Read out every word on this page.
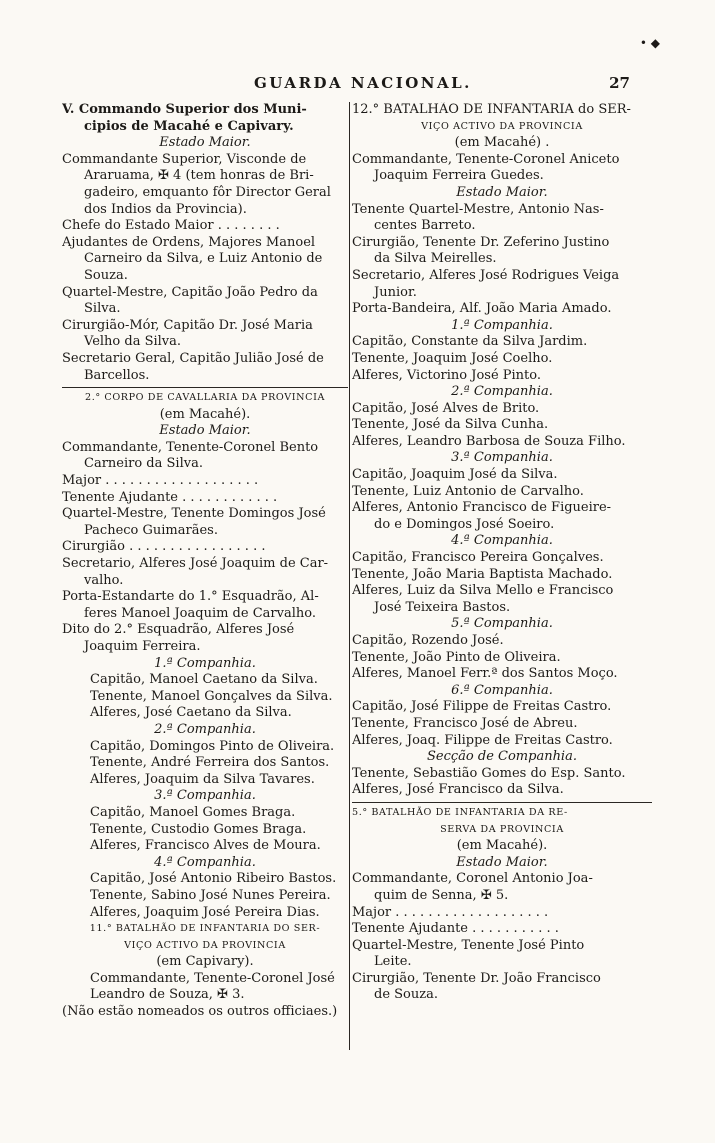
GUARDA NACIONAL.	27
• ◆
V. Commando Superior dos Muni-
cipios de Macahé e Capivary.
Estado Maior.
Commandante Superior, Visconde de
Araruama, ✠ 4 (tem honras de Bri-
gadeiro, emquanto fôr Director Geral
dos Indios da Provincia).
Chefe do Estado Maior . . . . . . . .
Ajudantes de Ordens, Majores Manoel
Carneiro da Silva, e Luiz Antonio de
Souza.
Quartel-Mestre, Capitão João Pedro da
Silva.
Cirurgião-Mór, Capitão Dr. José Maria
Velho da Silva.
Secretario Geral, Capitão Julião José de
Barcellos.
2.° CORPO DE CAVALLARIA DA PROVINCIA
(em Macahé).
Estado Maior.
Commandante, Tenente-Coronel Bento
Carneiro da Silva.
Major . . . . . . . . . . . . . . . . . . .
Tenente Ajudante . . . . . . . . . . . .
Quartel-Mestre, Tenente Domingos José
Pacheco Guimarães.
Cirurgião . . . . . . . . . . . . . . . . .
Secretario, Alferes José Joaquim de Car-
valho.
Porta-Estandarte do 1.° Esquadrão, Al-
feres Manoel Joaquim de Carvalho.
Dito do 2.° Esquadrão, Alferes José
Joaquim Ferreira.
1.ª Companhia.
Capitão, Manoel Caetano da Silva.
Tenente, Manoel Gonçalves da Silva.
Alferes, José Caetano da Silva.
2.ª Companhia.
Capitão, Domingos Pinto de Oliveira.
Tenente, André Ferreira dos Santos.
Alferes, Joaquim da Silva Tavares.
3.ª Companhia.
Capitão, Manoel Gomes Braga.
Tenente, Custodio Gomes Braga.
Alferes, Francisco Alves de Moura.
4.ª Companhia.
Capitão, José Antonio Ribeiro Bastos.
Tenente, Sabino José Nunes Pereira.
Alferes, Joaquim José Pereira Dias.
11.° BATALHÃO DE INFANTARIA DO SER-
VIÇO ACTIVO DA PROVINCIA
(em Capivary).
Commandante, Tenente-Coronel José
Leandro de Souza, ✠ 3.
(Não estão nomeados os outros officiaes.)
12.° BATALHÃO DE INFANTARIA do SER-
VIÇO ACTIVO DA PROVINCIA
(em Macahé) .
Commandante, Tenente-Coronel Aniceto
Joaquim Ferreira Guedes.
Estado Maior.
Tenente Quartel-Mestre, Antonio Nas-
centes Barreto.
Cirurgião, Tenente Dr. Zeferino Justino
da Silva Meirelles.
Secretario, Alferes José Rodrigues Veiga
Junior.
Porta-Bandeira, Alf. João Maria Amado.
1.ª Companhia.
Capitão, Constante da Silva Jardim.
Tenente, Joaquim José Coelho.
Alferes, Victorino José Pinto.
2.ª Companhia.
Capitão, José Alves de Brito.
Tenente, José da Silva Cunha.
Alferes, Leandro Barbosa de Souza Filho.
3.ª Companhia.
Capitão, Joaquim José da Silva.
Tenente, Luiz Antonio de Carvalho.
Alferes, Antonio Francisco de Figueire-
do e Domingos José Soeiro.
4.ª Companhia.
Capitão, Francisco Pereira Gonçalves.
Tenente, João Maria Baptista Machado.
Alferes, Luiz da Silva Mello e Francisco
José Teixeira Bastos.
5.ª Companhia.
Capitão, Rozendo José.
Tenente, João Pinto de Oliveira.
Alferes, Manoel Ferr.ª dos Santos Moço.
6.ª Companhia.
Capitão, José Filippe de Freitas Castro.
Tenente, Francisco José de Abreu.
Alferes, Joaq. Filippe de Freitas Castro.
Secção de Companhia.
Tenente, Sebastião Gomes do Esp. Santo.
Alferes, José Francisco da Silva.
5.° BATALHÃO DE INFANTARIA DA RE-
SERVA DA PROVINCIA
(em Macahé).
Estado Maior.
Commandante, Coronel Antonio Joa-
quim de Senna, ✠ 5.
Major . . . . . . . . . . . . . . . . . . .
Tenente Ajudante . . . . . . . . . . .
Quartel-Mestre, Tenente José Pinto
Leite.
Cirurgião, Tenente Dr. João Francisco
de Souza.
